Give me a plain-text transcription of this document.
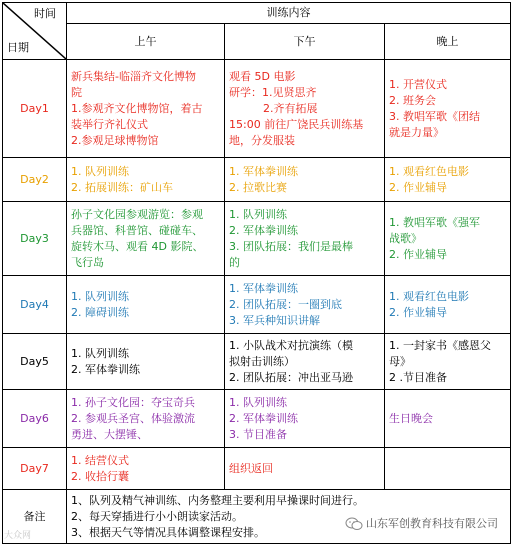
时间
日期	训练内容		
	上午	下午	晚上
Day1	新兵集结-临淄齐文化博物
院
1.参观齐文化博物馆，着古
装举行齐礼仪式
2.参观足球博物馆	观看 5D 电影
研学：1.见贤思齐
2.齐有拓展
15:00 前往广饶民兵训练基
地，分发服装	1. 开营仪式
2. 班务会
3. 教唱军歌《团结
就是力量》

Day2	1. 队列训练
2. 拓展训练：矿山车	1. 军体拳训练
2. 拉歌比赛	1. 观看红色电影
2. 作业辅导

Day3	孙子文化园参观游览：参观
兵器馆、科普馆、碰碰车、
旋转木马、观看 4D 影院、
飞行岛	1. 队列训练
2. 军体拳训练
3. 团队拓展：我们是最棒
的	1. 教唱军歌《强军
战歌》
2. 作业辅导

Day4	1. 队列训练
2. 障碍训练	1. 军体拳训练
2. 团队拓展：一圈到底
3. 军兵种知识讲解	1. 观看红色电影
2. 作业辅导

Day5	1. 队列训练
2. 军体拳训练	1. 小队战术对抗演练（模
拟射击训练）
2. 团队拓展：冲出亚马逊	1. 一封家书《感恩父
母》
2 .节目准备

Day6	1. 孙子文化园：夺宝奇兵
2. 参观兵圣宫、体验激流
勇进、大摆锤、	1. 队列训练
2. 军体拳训练
3. 节目准备	生日晚会

Day7	1. 结营仪式
2. 收拾行囊	组织返回	

备注	1、队列及精气神训练、内务整理主要利用早操课时间进行。
2、每天穿插进行小小朗读家活动。
3、根据天气等情况具体调整课程安排。		
大众网
山东军创教育科技有限公司
